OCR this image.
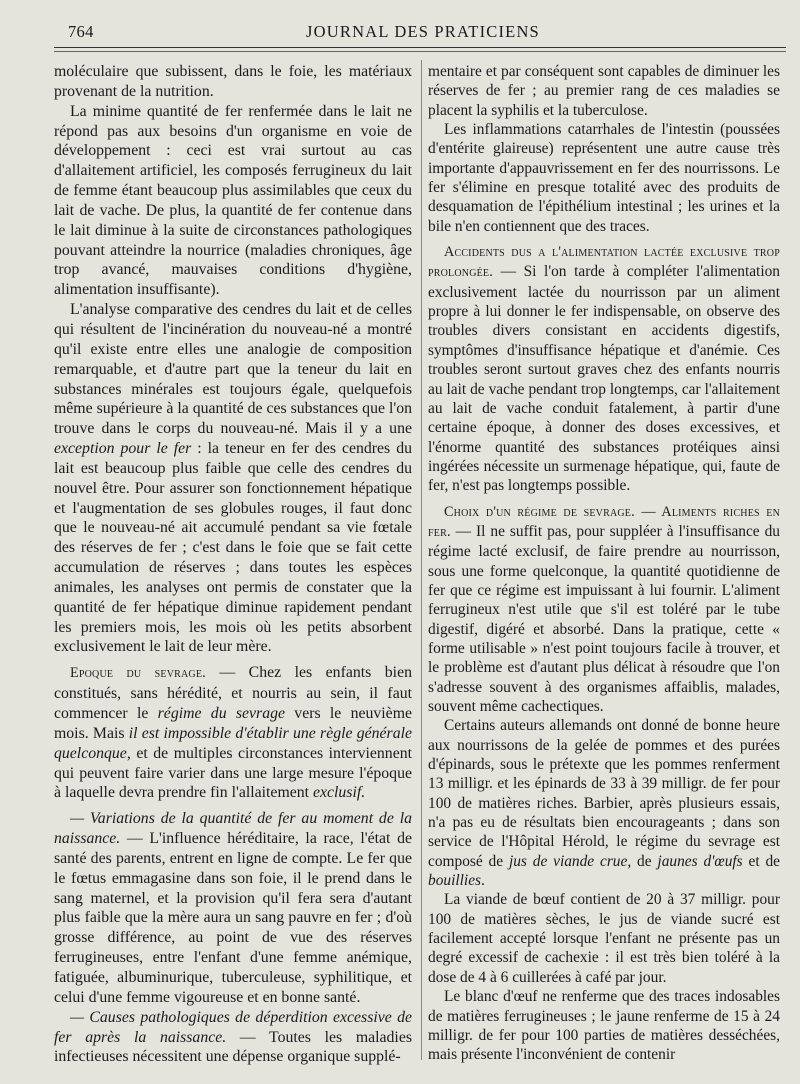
764	JOURNAL DES PRATICIENS

moléculaire que subissent, dans le foie, les matériaux provenant de la nutrition.

La minime quantité de fer renfermée dans le lait ne répond pas aux besoins d'un organisme en voie de développement : ceci est vrai surtout au cas d'allaitement artificiel, les composés ferrugineux du lait de femme étant beaucoup plus assimilables que ceux du lait de vache. De plus, la quantité de fer contenue dans le lait diminue à la suite de circonstances pathologiques pouvant atteindre la nourrice (maladies chroniques, âge trop avancé, mauvaises conditions d'hygiène, alimentation insuffisante).

L'analyse comparative des cendres du lait et de celles qui résultent de l'incinération du nouveau-né a montré qu'il existe entre elles une analogie de composition remarquable, et d'autre part que la teneur du lait en substances minérales est toujours égale, quelquefois même supérieure à la quantité de ces substances que l'on trouve dans le corps du nouveau-né. Mais il y a une exception pour le fer : la teneur en fer des cendres du lait est beaucoup plus faible que celle des cendres du nouvel être. Pour assurer son fonctionnement hépatique et l'augmentation de ses globules rouges, il faut donc que le nouveau-né ait accumulé pendant sa vie fœtale des réserves de fer ; c'est dans le foie que se fait cette accumulation de réserves ; dans toutes les espèces animales, les analyses ont permis de constater que la quantité de fer hépatique diminue rapidement pendant les premiers mois, les mois où les petits absorbent exclusivement le lait de leur mère.

Epoque du sevrage. — Chez les enfants bien constitués, sans hérédité, et nourris au sein, il faut commencer le régime du sevrage vers le neuvième mois. Mais il est impossible d'établir une règle générale quelconque, et de multiples circonstances interviennent qui peuvent faire varier dans une large mesure l'époque à laquelle devra prendre fin l'allaitement exclusif.

— Variations de la quantité de fer au moment de la naissance. — L'influence héréditaire, la race, l'état de santé des parents, entrent en ligne de compte. Le fer que le fœtus emmagasine dans son foie, il le prend dans le sang maternel, et la provision qu'il fera sera d'autant plus faible que la mère aura un sang pauvre en fer ; d'où grosse différence, au point de vue des réserves ferrugineuses, entre l'enfant d'une femme anémique, fatiguée, albuminurique, tuberculeuse, syphilitique, et celui d'une femme vigoureuse et en bonne santé.

— Causes pathologiques de déperdition excessive de fer après la naissance. — Toutes les maladies infectieuses nécessitent une dépense organique supplé-

mentaire et par conséquent sont capables de diminuer les réserves de fer ; au premier rang de ces maladies se placent la syphilis et la tuberculose.

Les inflammations catarrhales de l'intestin (poussées d'entérite glaireuse) représentent une autre cause très importante d'appauvrissement en fer des nourrissons. Le fer s'élimine en presque totalité avec des produits de desquamation de l'épithélium intestinal ; les urines et la bile n'en contiennent que des traces.

Accidents dus a l'alimentation lactée exclusive trop prolongée. — Si l'on tarde à compléter l'alimentation exclusivement lactée du nourrisson par un aliment propre à lui donner le fer indispensable, on observe des troubles divers consistant en accidents digestifs, symptômes d'insuffisance hépatique et d'anémie. Ces troubles seront surtout graves chez des enfants nourris au lait de vache pendant trop longtemps, car l'allaitement au lait de vache conduit fatalement, à partir d'une certaine époque, à donner des doses excessives, et l'énorme quantité des substances protéiques ainsi ingérées nécessite un surmenage hépatique, qui, faute de fer, n'est pas longtemps possible.

Choix d'un régime de sevrage. — Aliments riches en fer. — Il ne suffit pas, pour suppléer à l'insuffisance du régime lacté exclusif, de faire prendre au nourrisson, sous une forme quelconque, la quantité quotidienne de fer que ce régime est impuissant à lui fournir. L'aliment ferrugineux n'est utile que s'il est toléré par le tube digestif, digéré et absorbé. Dans la pratique, cette « forme utilisable » n'est point toujours facile à trouver, et le problème est d'autant plus délicat à résoudre que l'on s'adresse souvent à des organismes affaiblis, malades, souvent même cachectiques.

Certains auteurs allemands ont donné de bonne heure aux nourrissons de la gelée de pommes et des purées d'épinards, sous le prétexte que les pommes renferment 13 milligr. et les épinards de 33 à 39 milligr. de fer pour 100 de matières riches. Barbier, après plusieurs essais, n'a pas eu de résultats bien encourageants ; dans son service de l'Hôpital Hérold, le régime du sevrage est composé de jus de viande crue, de jaunes d'œufs et de bouillies.

La viande de bœuf contient de 20 à 37 milligr. pour 100 de matières sèches, le jus de viande sucré est facilement accepté lorsque l'enfant ne présente pas un degré excessif de cachexie : il est très bien toléré à la dose de 4 à 6 cuillerées à café par jour.

Le blanc d'œuf ne renferme que des traces indosables de matières ferrugineuses ; le jaune renferme de 15 à 24 milligr. de fer pour 100 parties de matières desséchées, mais présente l'inconvénient de contenir
